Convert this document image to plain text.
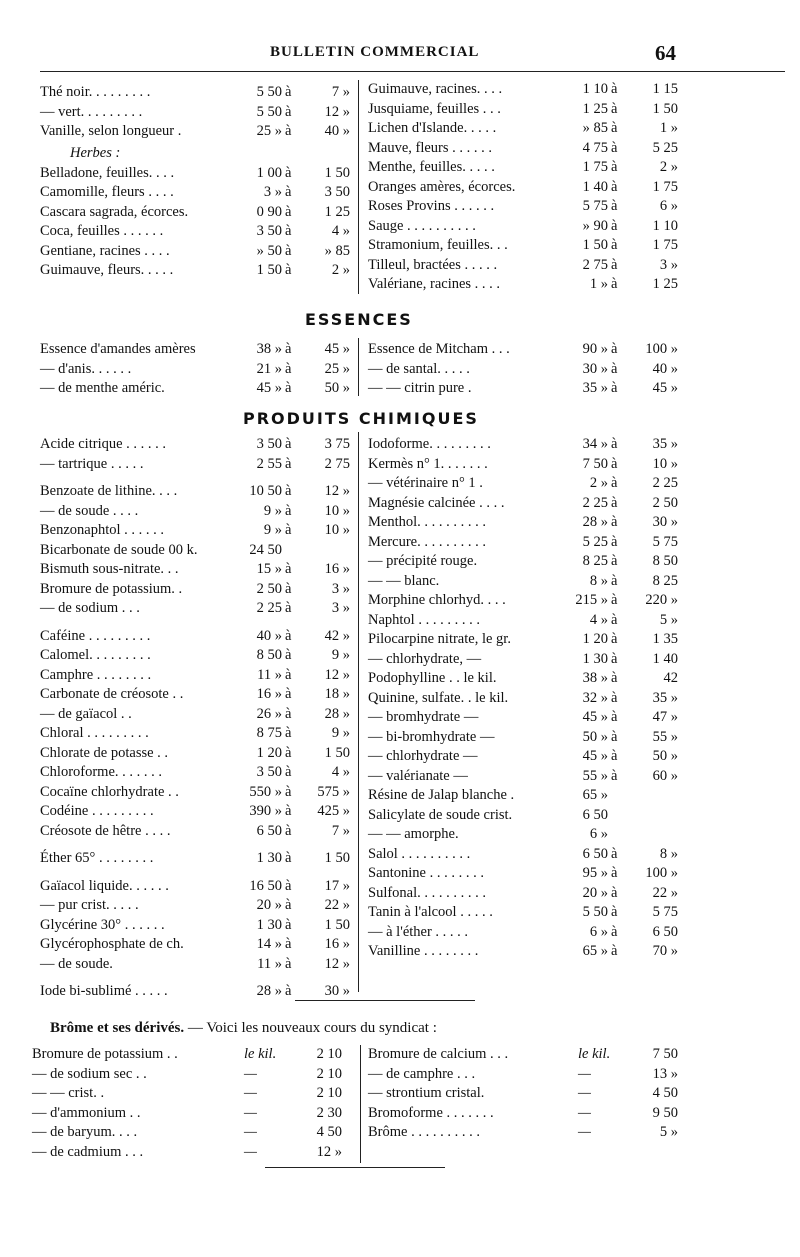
BULLETIN COMMERCIAL	64
Thé noir. . . . . . . . .	5 50 à	7 »
— vert. . . . . . . . .	5 50 à 12 »
Vanille, selon longueur .	25 » à 40 »
Herbes :
Belladone, feuilles. . . .	1 00 à 1 50
Camomille, fleurs . . . .	3 » à 3 50
Cascara sagrada, écorces.	0 90 à 1 25
Coca, feuilles . . . . . .	3 50 à	4 »
Gentiane, racines . . . .	» 50 à » 85
Guimauve, fleurs. . . . .	1 50 à	2 »
Guimauve, racines. . . .	1 10 à 1 15
Jusquiame, feuilles . . .	1 25 à 1 50
Lichen d'Islande. . . . .	» 85 à	1 »
Mauve, fleurs . . . . . .	4 75 à 5 25
Menthe, feuilles. . . . .	1 75 à	2 »
Oranges amères, écorces.	1 40 à 1 75
Roses Provins . . . . . .	5 75 à	6 »
Sauge . . . . . . . . . .	» 90 à 1 10
Stramonium, feuilles. . .	1 50 à 1 75
Tilleul, bractées . . . . .	2 75 à	3 »
Valériane, racines . . . .	1 » à 1 25
ESSENCES
Essence d'amandes amères	38 » à 45 »
— d'anis. . . . . .	21 » à 25 »
— de menthe améric.	45 » à 50 »
Essence de Mitcham . . .	90 » à 100 »
— de santal. . . . .	30 » à 40 »
— — citrin pure .	35 » à 45 »
PRODUITS CHIMIQUES
Acide citrique . . . . . .	3 50 à 3 75
— tartrique . . . . .	2 55 à 2 75
Benzoate de lithine. . . .	10 50 à 12 »
— de soude . . . .	9 » à 10 »
Benzonaphtol . . . . . .	9 » à 10 »
Bicarbonate de soude 00 k.	24 50
Bismuth sous-nitrate. . .	15 » à 16 »
Bromure de potassium. .	2 50 à	3 »
— de sodium . . .	2 25 à	3 »
Caféine . . . . . . . . .	40 » à 42 »
Calomel. . . . . . . . .	8 50 à	9 »
Camphre . . . . . . . .	11 » à 12 »
Carbonate de créosote . .	16 » à 18 »
— de gaïacol . .	26 » à 28 »
Chloral . . . . . . . . .	8 75 à	9 »
Chlorate de potasse . .	1 20 à 1 50
Chloroforme. . . . . . .	3 50 à	4 »
Cocaïne chlorhydrate . .	550 » à 575 »
Codéine . . . . . . . . .	390 » à 425 »
Créosote de hêtre . . . .	6 50 à	7 »
Éther 65° . . . . . . . .	1 30 à 1 50
Gaïacol liquide. . . . . .	16 50 à 17 »
— pur crist. . . . .	20 » à 22 »
Glycérine 30° . . . . . .	1 30 à 1 50
Glycérophosphate de ch.	14 » à 16 »
— de soude.	11 » à 12 »
Iode bi-sublimé . . . . .	28 » à 30 »
Iodoforme. . . . . . . . .	34 » à 35 »
Kermès n° 1. . . . . . .	7 50 à 10 »
— vétérinaire n° 1 .	2 » à 2 25
Magnésie calcinée . . . .	2 25 à 2 50
Menthol. . . . . . . . . .	28 » à 30 »
Mercure. . . . . . . . . .	5 25 à 5 75
— précipité rouge.	8 25 à 8 50
— — blanc.	8 » à 8 25
Morphine chlorhyd. . . .	215 » à 220 »
Naphtol . . . . . . . . .	4 » à	5 »
Pilocarpine nitrate, le gr.	1 20 à 1 35
— chlorhydrate, —	1 30 à 1 40
Podophylline . . le kil.	38 » à	42
Quinine, sulfate. . le kil.	32 » à 35 »
— bromhydrate —	45 » à 47 »
— bi-bromhydrate —	50 » à 55 »
— chlorhydrate —	45 » à 50 »
— valérianate —	55 » à 60 »
Résine de Jalap blanche .	65 »
Salicylate de soude crist.	6 50
— — amorphe.	6 »
Salol . . . . . . . . . .	6 50 à	8 »
Santonine . . . . . . . .	95 » à 100 »
Sulfonal. . . . . . . . . .	20 » à 22 »
Tanin à l'alcool . . . . .	5 50 à 5 75
— à l'éther . . . . .	6 » à 6 50
Vanilline . . . . . . . .	65 » à 70 »
Brôme et ses dérivés. — Voici les nouveaux cours du syndicat :
Bromure de potassium . .	le kil.	2 10
— de sodium sec . .	—	2 10
— — crist. .	—	2 10
— d'ammonium . .	—	2 30
— de baryum. . . .	—	4 50
— de cadmium . . .	—	12 »
Bromure de calcium . . .	le kil.	7 50
— de camphre . . .	—	13 »
— strontium cristal.	—	4 50
Bromoforme . . . . . . .	—	9 50
Brôme . . . . . . . . . .	—	5 »
